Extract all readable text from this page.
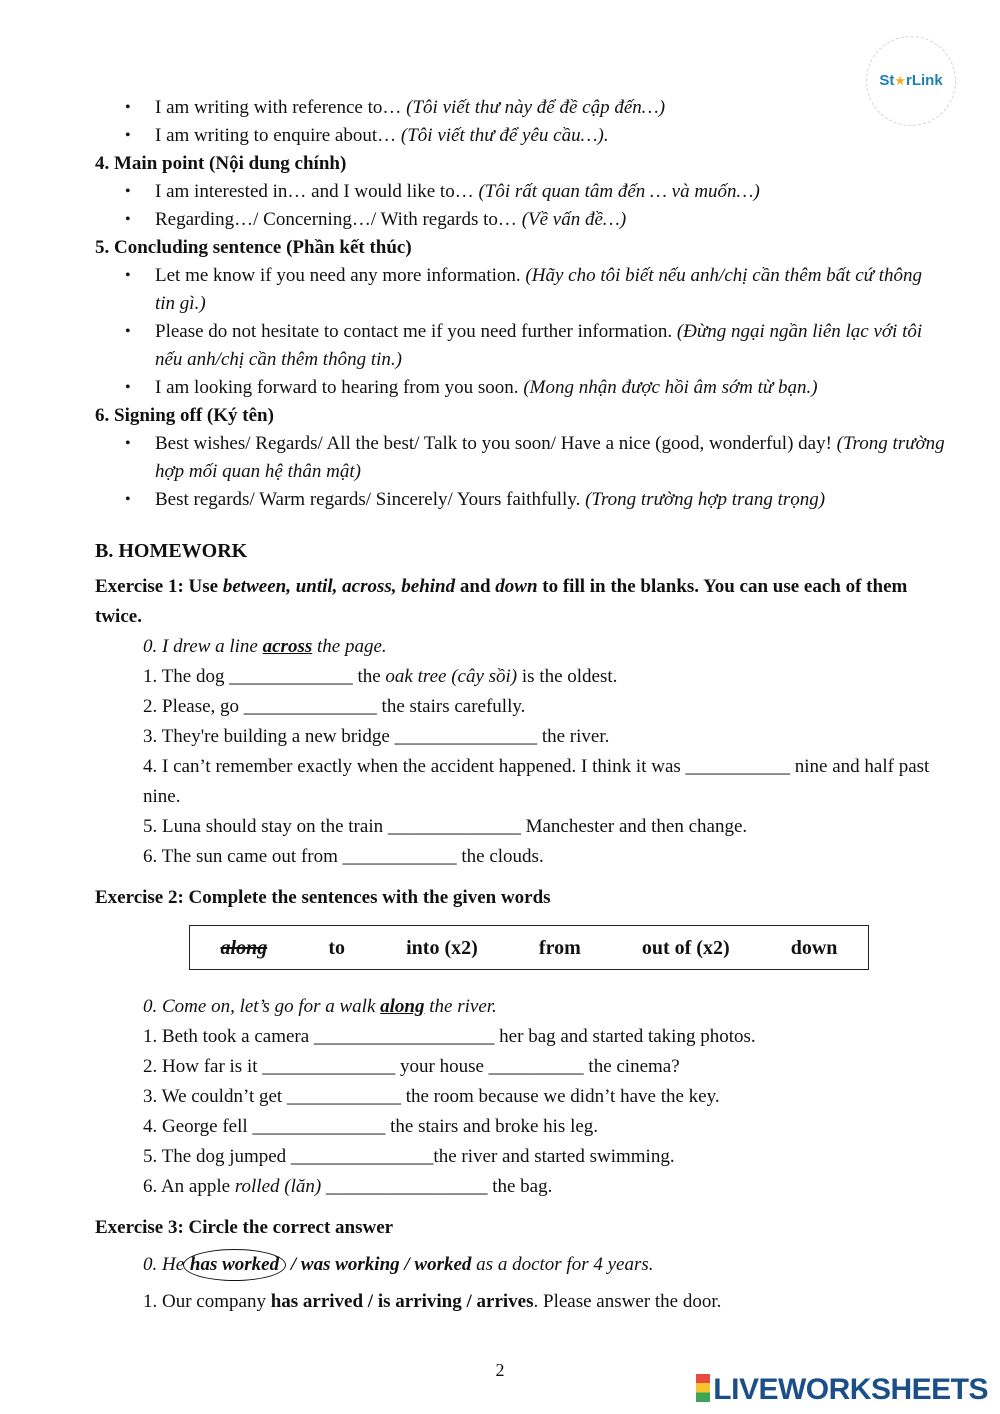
St ★ rLink
• I am writing with reference to… (Tôi viết thư này để đề cập đến…)
• I am writing to enquire about… (Tôi viết thư để yêu cầu…).
4. Main point (Nội dung chính)
• I am interested in… and I would like to… (Tôi rất quan tâm đến … và muốn…)
• Regarding…/ Concerning…/ With regards to… (Về vấn đề…)
5. Concluding sentence (Phần kết thúc)
• Let me know if you need any more information. (Hãy cho tôi biết nếu anh/chị cần thêm bất cứ thông tin gì.)
• Please do not hesitate to contact me if you need further information. (Đừng ngại ngần liên lạc với tôi nếu anh/chị cần thêm thông tin.)
• I am looking forward to hearing from you soon. (Mong nhận được hồi âm sớm từ bạn.)
6. Signing off (Ký tên)
• Best wishes/ Regards/ All the best/ Talk to you soon/ Have a nice (good, wonderful) day! (Trong trường hợp mối quan hệ thân mật)
• Best regards/ Warm regards/ Sincerely/ Yours faithfully. (Trong trường hợp trang trọng)
B. HOMEWORK
Exercise 1: Use between, until, across, behind and down to fill in the blanks. You can use each of them twice.
0. I drew a line across the page.
1. The dog _____________ the oak tree (cây sồi) is the oldest.
2. Please, go ______________ the stairs carefully.
3. They're building a new bridge _______________ the river.
4. I can’t remember exactly when the accident happened. I think it was ___________ nine and half past nine.
5. Luna should stay on the train ______________ Manchester and then change.
6. The sun came out from ____________ the clouds.
Exercise 2: Complete the sentences with the given words
along	to	into (x2)	from	out of (x2)	down
0. Come on, let’s go for a walk along the river.
1. Beth took a camera ___________________ her bag and started taking photos.
2. How far is it ______________ your house __________ the cinema?
3. We couldn’t get ____________ the room because we didn’t have the key.
4. George fell ______________ the stairs and broke his leg.
5. The dog jumped _______________the river and started swimming.
6. An apple rolled (lăn) _________________ the bag.
Exercise 3: Circle the correct answer
0. He has worked / was working / worked as a doctor for 4 years.
1. Our company has arrived / is arriving / arrives. Please answer the door.
2
LIVEWORKSHEETS
